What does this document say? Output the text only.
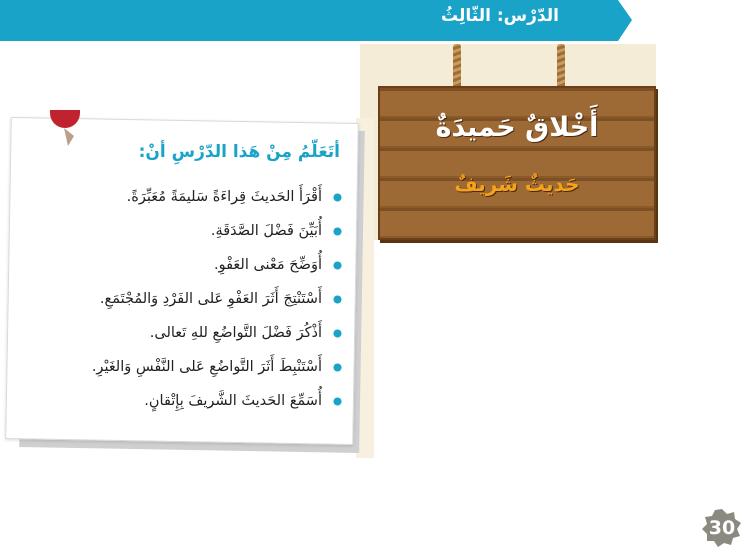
الدّرْس: الثّالِثُ
أَخْلاقٌ حَميدَةٌ
حَديثٌ شَريفٌ
أتَعَلّمُ مِنْ هَذا الدّرْسِ أنْ:
أَقْرَأَ الحَديثَ قِراءَةً سَليمَةً مُعَبِّرَةً.
أُبَيِّنَ فَضْلَ الصَّدَقَةِ.
أُوَضِّحَ مَعْنى العَفْوِ.
أَسْتَنْتِجَ أَثَرَ العَفْوِ عَلى الفَرْدِ وَالمُجْتَمَعِ.
أَذْكُرَ فَضْلَ التَّواضُعِ للهِ تَعالى.
أَسْتَنْبِطَ أَثَرَ التَّواضُعِ عَلى النَّفْسِ وَالغَيْرِ.
أُسَمِّعَ الحَديثَ الشَّريفَ بِإِتْقانٍ.
30
